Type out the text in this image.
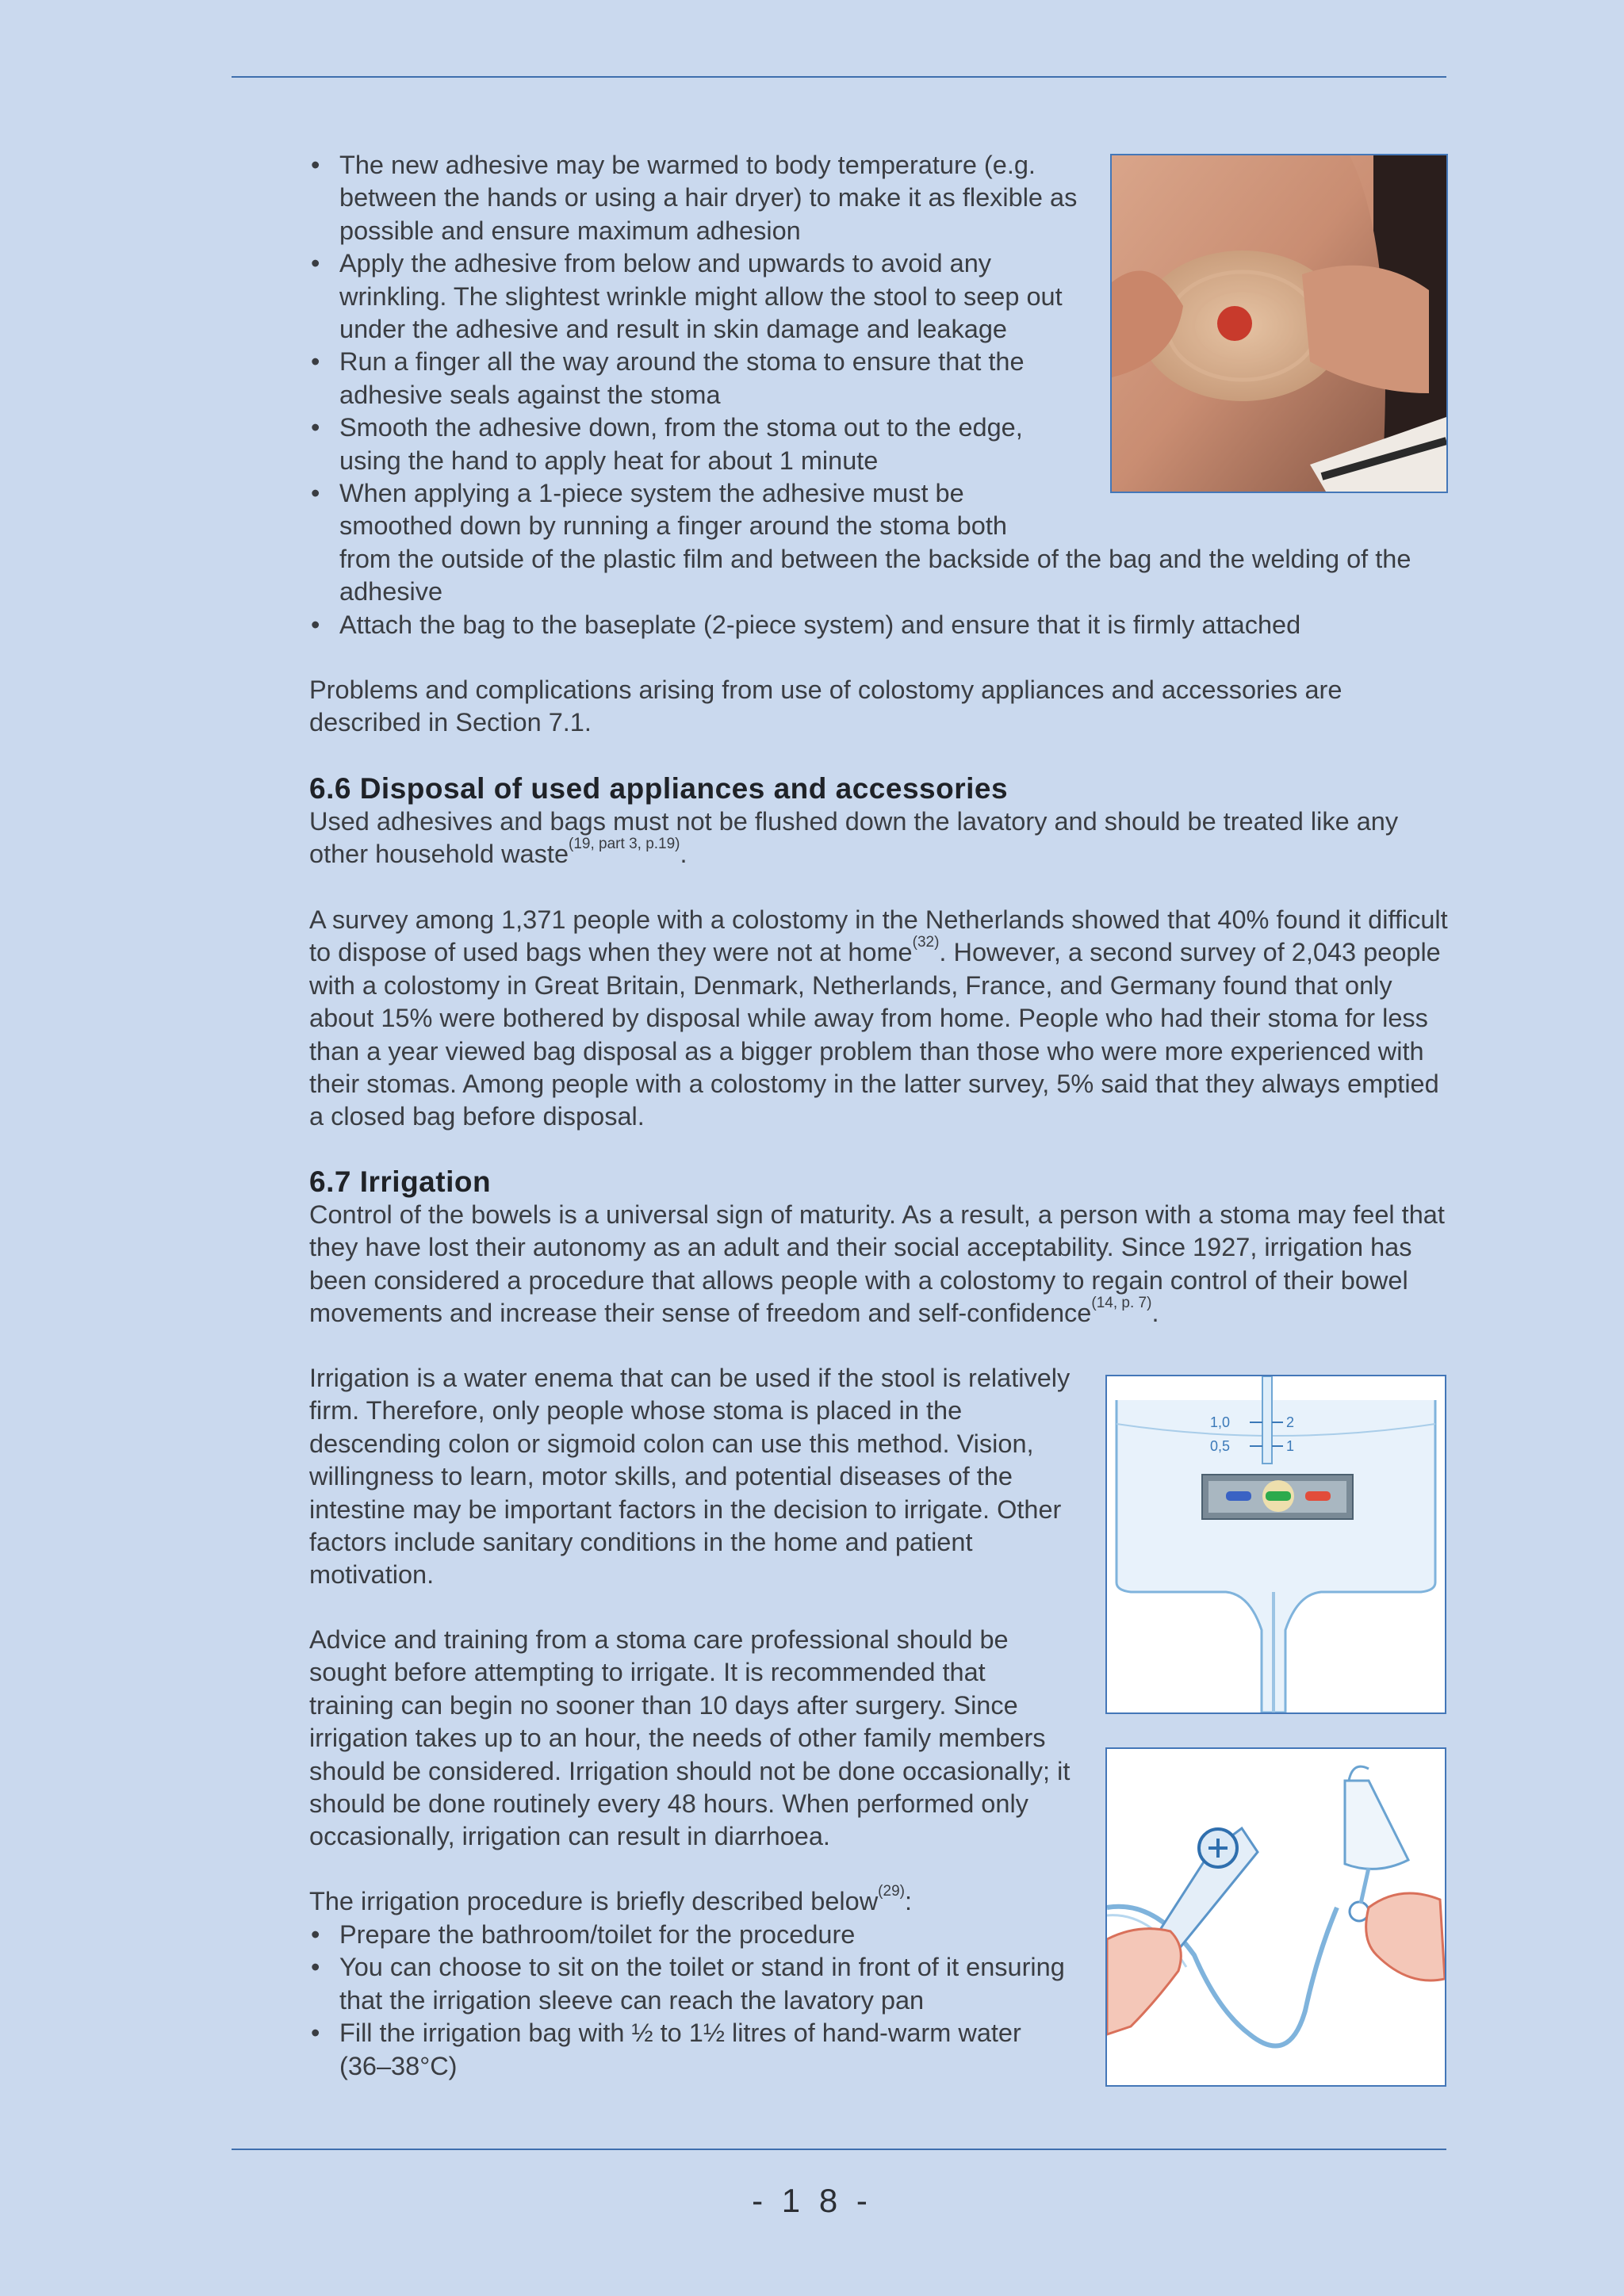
• The new adhesive may be warmed to body temperature (e.g. between the hands or using a hair dryer) to make it as flexible as possible and ensure maximum adhesion
• Apply the adhesive from below and upwards to avoid any wrinkling. The slightest wrinkle might allow the stool to seep out under the adhesive and result in skin damage and leakage
• Run a finger all the way around the stoma to ensure that the adhesive seals against the stoma
• Smooth the adhesive down, from the stoma out to the edge, using the hand to apply heat for about 1 minute
• When applying a 1-piece system the adhesive must be
smoothed down by running a finger around the stoma both
from the outside of the plastic film and between the backside of the bag and the welding of the adhesive
• Attach the bag to the baseplate (2-piece system) and ensure that it is firmly attached

Problems and complications arising from use of colostomy appliances and accessories are described in Section 7.1.

6.6 Disposal of used appliances and accessories

Used adhesives and bags must not be flushed down the lavatory and should be treated like any other household waste$^{(19, part 3, p.19)}$.

A survey among 1,371 people with a colostomy in the Netherlands showed that 40% found it difficult to dispose of used bags when they were not at home$^{(32)}$. However, a second survey of 2,043 people with a colostomy in Great Britain, Denmark, Netherlands, France, and Germany found that only about 15% were bothered by disposal while away from home. People who had their stoma for less than a year viewed bag disposal as a bigger problem than those who were more experienced with their stomas. Among people with a colostomy in the latter survey, 5% said that they always emptied a closed bag before disposal.

6.7 Irrigation

Control of the bowels is a universal sign of maturity. As a result, a person with a stoma may feel that they have lost their autonomy as an adult and their social acceptability. Since 1927, irrigation has been considered a procedure that allows people with a colostomy to regain control of their bowel movements and increase their sense of freedom and self-confidence$^{(14, p. 7)}$.

Irrigation is a water enema that can be used if the stool is relatively firm. Therefore, only people whose stoma is placed in the descending colon or sigmoid colon can use this method. Vision, willingness to learn, motor skills, and potential diseases of the intestine may be important factors in the decision to irrigate. Other factors include sanitary conditions in the home and patient motivation.

Advice and training from a stoma care professional should be sought before attempting to irrigate. It is recommended that training can begin no sooner than 10 days after surgery. Since irrigation takes up to an hour, the needs of other family members should be considered. Irrigation should not be done occasionally; it should be done routinely every 48 hours. When performed only occasionally, irrigation can result in diarrhoea.

The irrigation procedure is briefly described below$^{(29)}$:

• Prepare the bathroom/toilet for the procedure
• You can choose to sit on the toilet or stand in front of it ensuring that the irrigation sleeve can reach the lavatory pan
• Fill the irrigation bag with ½ to 1½ litres of hand-warm water (36–38°C)
1,0	2
0,5	1
- 1 8 -
